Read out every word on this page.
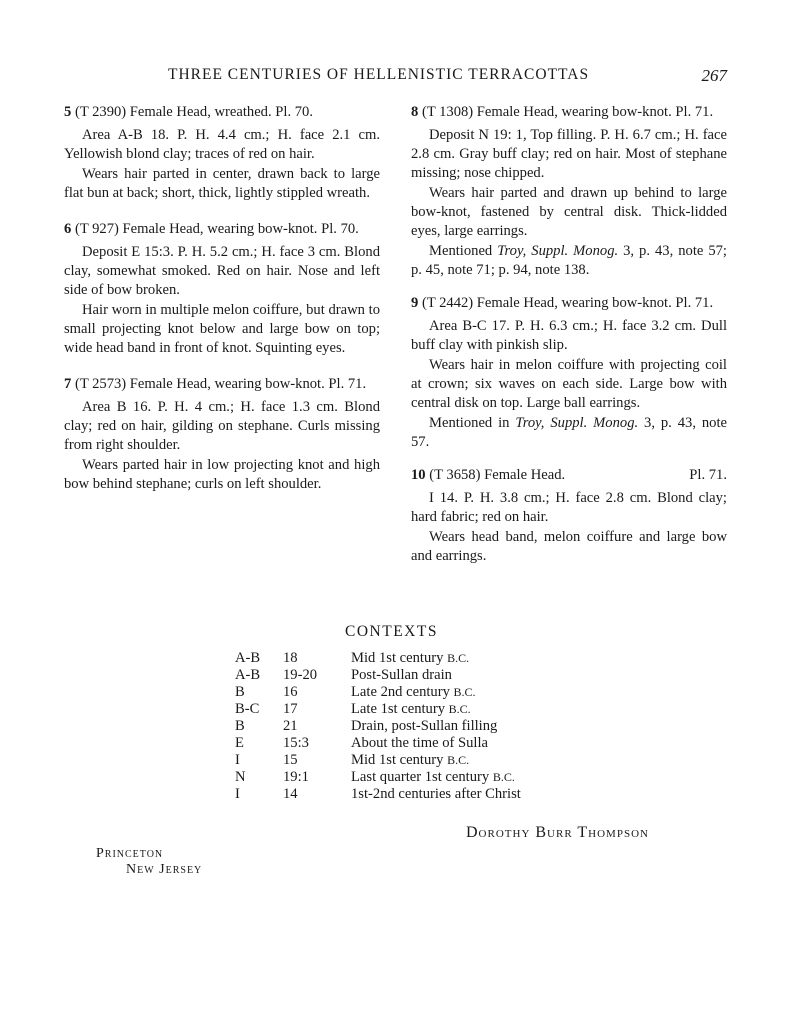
THREE CENTURIES OF HELLENISTIC TERRACOTTAS	267

5 (T 2390) Female Head, wreathed. Pl. 70.

Area A-B 18. P. H. 4.4 cm.; H. face 2.1 cm. Yellowish blond clay; traces of red on hair.

Wears hair parted in center, drawn back to large flat bun at back; short, thick, lightly stippled wreath.

6 (T 927) Female Head, wearing bow-knot. Pl. 70.

Deposit E 15:3. P. H. 5.2 cm.; H. face 3 cm. Blond clay, somewhat smoked. Red on hair. Nose and left side of bow broken.

Hair worn in multiple melon coiffure, but drawn to small projecting knot below and large bow on top; wide head band in front of knot. Squinting eyes.

7 (T 2573) Female Head, wearing bow-knot. Pl. 71.

Area B 16. P. H. 4 cm.; H. face 1.3 cm. Blond clay; red on hair, gilding on stephane. Curls missing from right shoulder.

Wears parted hair in low projecting knot and high bow behind stephane; curls on left shoulder.

8 (T 1308) Female Head, wearing bow-knot. Pl. 71.

Deposit N 19: 1, Top filling. P. H. 6.7 cm.; H. face 2.8 cm. Gray buff clay; red on hair. Most of stephane missing; nose chipped.

Wears hair parted and drawn up behind to large bow-knot, fastened by central disk. Thick-lidded eyes, large earrings.

Mentioned Troy, Suppl. Monog. 3, p. 43, note 57; p. 45, note 71; p. 94, note 138.

9 (T 2442) Female Head, wearing bow-knot. Pl. 71.

Area B-C 17. P. H. 6.3 cm.; H. face 3.2 cm. Dull buff clay with pinkish slip.

Wears hair in melon coiffure with projecting coil at crown; six waves on each side. Large bow with central disk on top. Large ball earrings.

Mentioned in Troy, Suppl. Monog. 3, p. 43, note 57.

10 (T 3658) Female Head.	Pl. 71.

I 14. P. H. 3.8 cm.; H. face 2.8 cm. Blond clay; hard fabric; red on hair.

Wears head band, melon coiffure and large bow and earrings.

CONTEXTS
A-B	18	Mid 1st century B.C.
A-B	19-20	Post-Sullan drain
B	16	Late 2nd century B.C.
B-C	17	Late 1st century B.C.
B	21	Drain, post-Sullan filling
E	15:3	About the time of Sulla
I	15	Mid 1st century B.C.
N	19:1	Last quarter 1st century B.C.
I	14	1st-2nd centuries after Christ
Dorothy Burr Thompson
Princeton
New Jersey
